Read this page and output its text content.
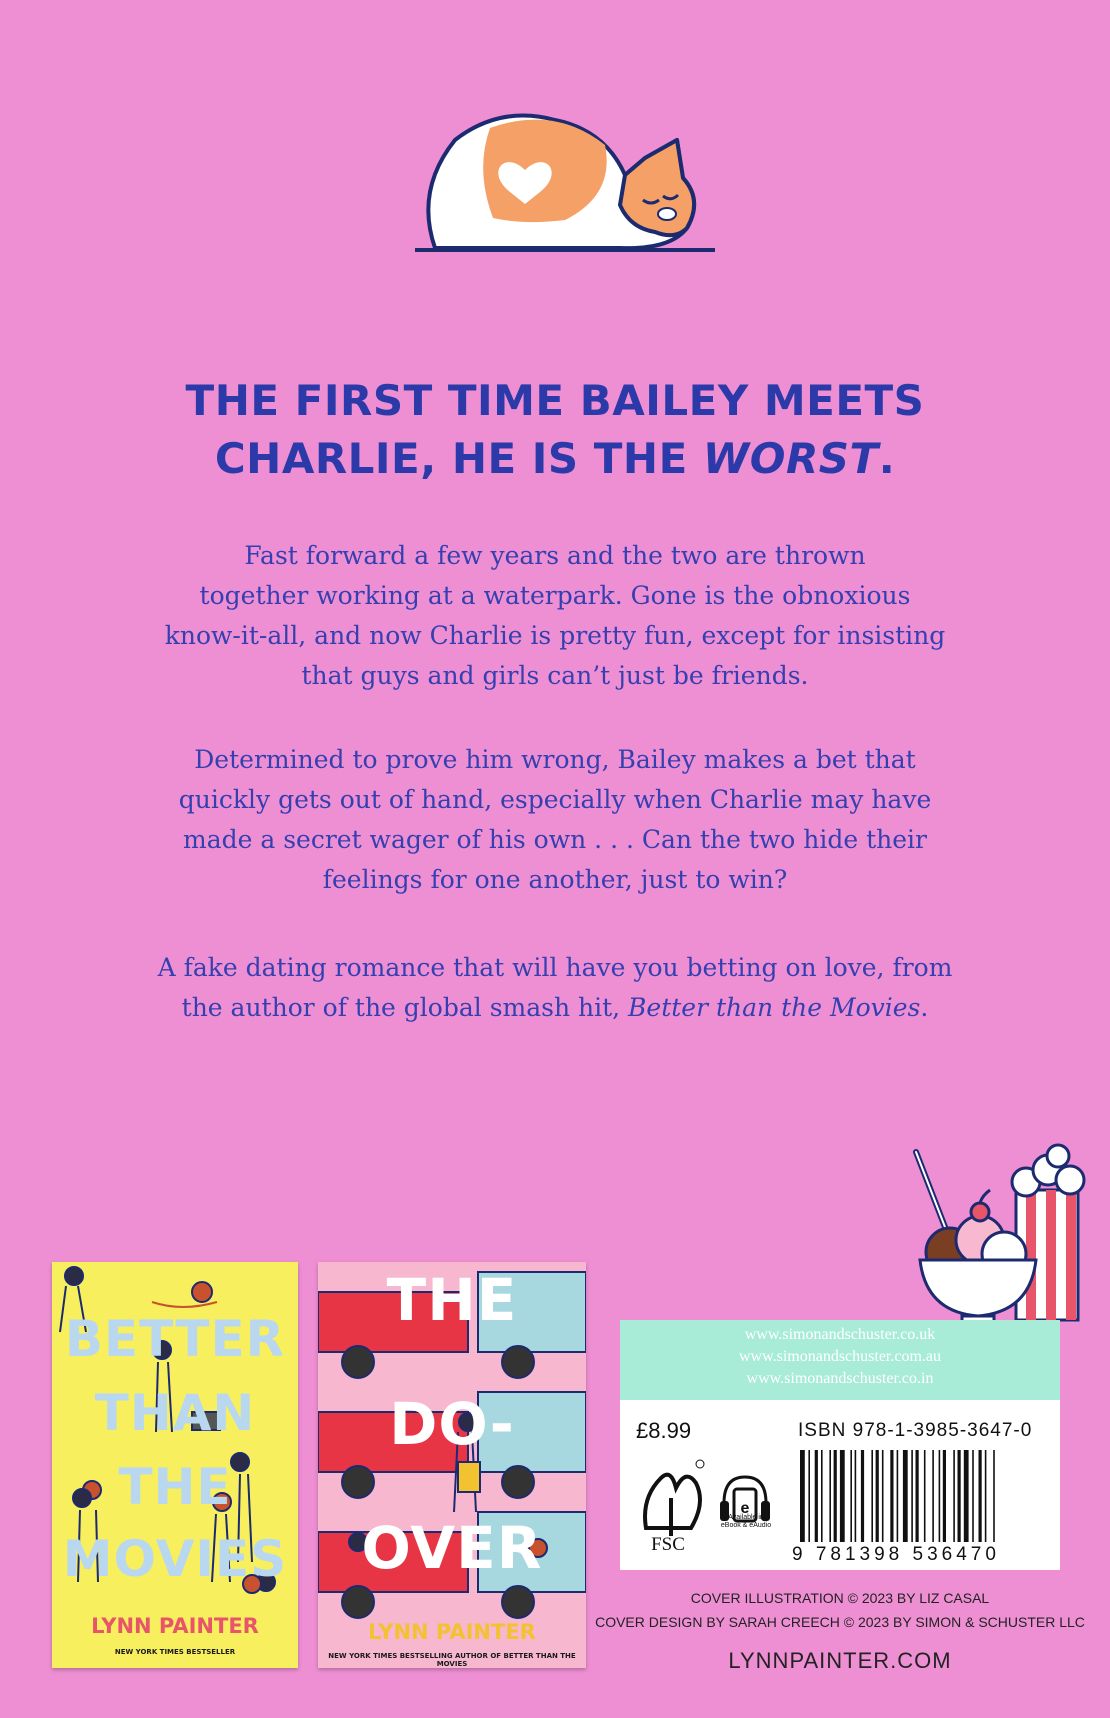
THE FIRST TIME BAILEY MEETS
CHARLIE, HE IS THE WORST.
Fast forward a few years and the two are thrown
together working at a waterpark. Gone is the obnoxious
know-it-all, and now Charlie is pretty fun, except for insisting
that guys and girls can’t just be friends.
Determined to prove him wrong, Bailey makes a bet that
quickly gets out of hand, especially when Charlie may have
made a secret wager of his own . . . Can the two hide their
feelings for one another, just to win?
A fake dating romance that will have you betting on love, from
the author of the global smash hit, Better than the Movies.
BETTER
THAN
THE
MOVIES
LYNN PAINTER
NEW YORK TIMES BESTSELLER
THE
DO-
OVER
LYNN PAINTER
NEW YORK TIMES BESTSELLING AUTHOR OF BETTER THAN THE MOVIES
www.simonandschuster.co.uk
www.simonandschuster.com.au
www.simonandschuster.co.in
£8.99	ISBN 978-1-3985-3647-0
FSC
e
Available in
eBook & eAudio
9 781398 536470
COVER ILLUSTRATION © 2023 BY LIZ CASAL
COVER DESIGN BY SARAH CREECH © 2023 BY SIMON & SCHUSTER LLC
LYNNPAINTER.COM
